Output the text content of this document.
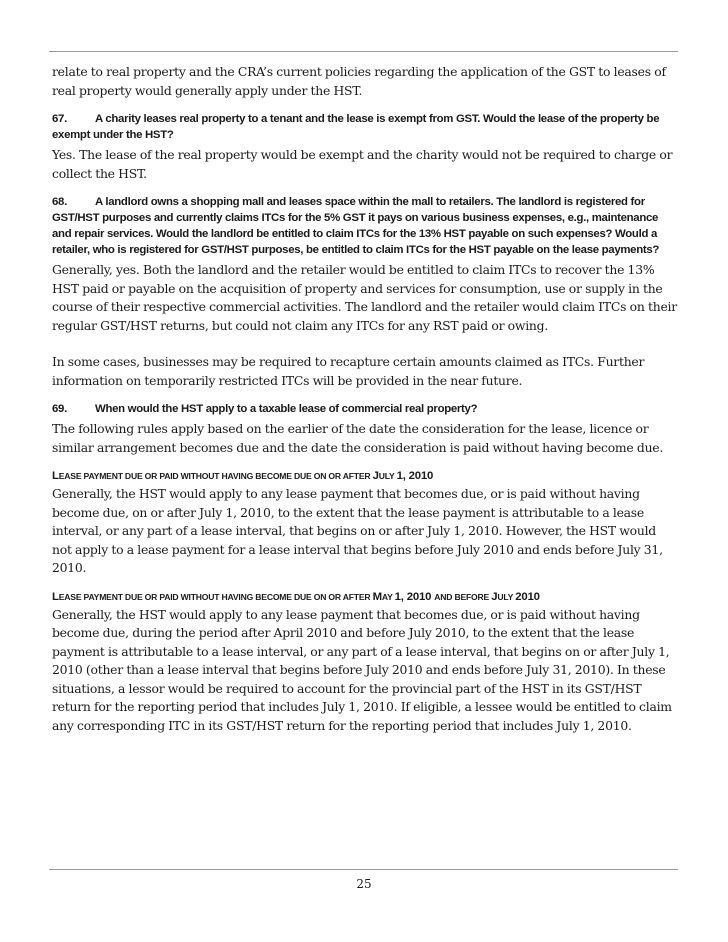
relate to real property and the CRA’s current policies regarding the application of the GST to leases of real property would generally apply under the HST.

67. A charity leases real property to a tenant and the lease is exempt from GST. Would the lease of the property be exempt under the HST?

Yes. The lease of the real property would be exempt and the charity would not be required to charge or collect the HST.

68. A landlord owns a shopping mall and leases space within the mall to retailers. The landlord is registered for GST/HST purposes and currently claims ITCs for the 5% GST it pays on various business expenses, e.g., maintenance and repair services. Would the landlord be entitled to claim ITCs for the 13% HST payable on such expenses? Would a retailer, who is registered for GST/HST purposes, be entitled to claim ITCs for the HST payable on the lease payments?

Generally, yes. Both the landlord and the retailer would be entitled to claim ITCs to recover the 13% HST paid or payable on the acquisition of property and services for consumption, use or supply in the course of their respective commercial activities. The landlord and the retailer would claim ITCs on their regular GST/HST returns, but could not claim any ITCs for any RST paid or owing.

In some cases, businesses may be required to recapture certain amounts claimed as ITCs. Further information on temporarily restricted ITCs will be provided in the near future.

69. When would the HST apply to a taxable lease of commercial real property?

The following rules apply based on the earlier of the date the consideration for the lease, licence or similar arrangement becomes due and the date the consideration is paid without having become due.

LEASE PAYMENT DUE OR PAID WITHOUT HAVING BECOME DUE ON OR AFTER JULY 1, 2010

Generally, the HST would apply to any lease payment that becomes due, or is paid without having become due, on or after July 1, 2010, to the extent that the lease payment is attributable to a lease interval, or any part of a lease interval, that begins on or after July 1, 2010. However, the HST would not apply to a lease payment for a lease interval that begins before July 2010 and ends before July 31, 2010.

LEASE PAYMENT DUE OR PAID WITHOUT HAVING BECOME DUE ON OR AFTER MAY 1, 2010 AND BEFORE JULY 2010

Generally, the HST would apply to any lease payment that becomes due, or is paid without having become due, during the period after April 2010 and before July 2010, to the extent that the lease payment is attributable to a lease interval, or any part of a lease interval, that begins on or after July 1, 2010 (other than a lease interval that begins before July 2010 and ends before July 31, 2010). In these situations, a lessor would be required to account for the provincial part of the HST in its GST/HST return for the reporting period that includes July 1, 2010. If eligible, a lessee would be entitled to claim any corresponding ITC in its GST/HST return for the reporting period that includes July 1, 2010.

25
